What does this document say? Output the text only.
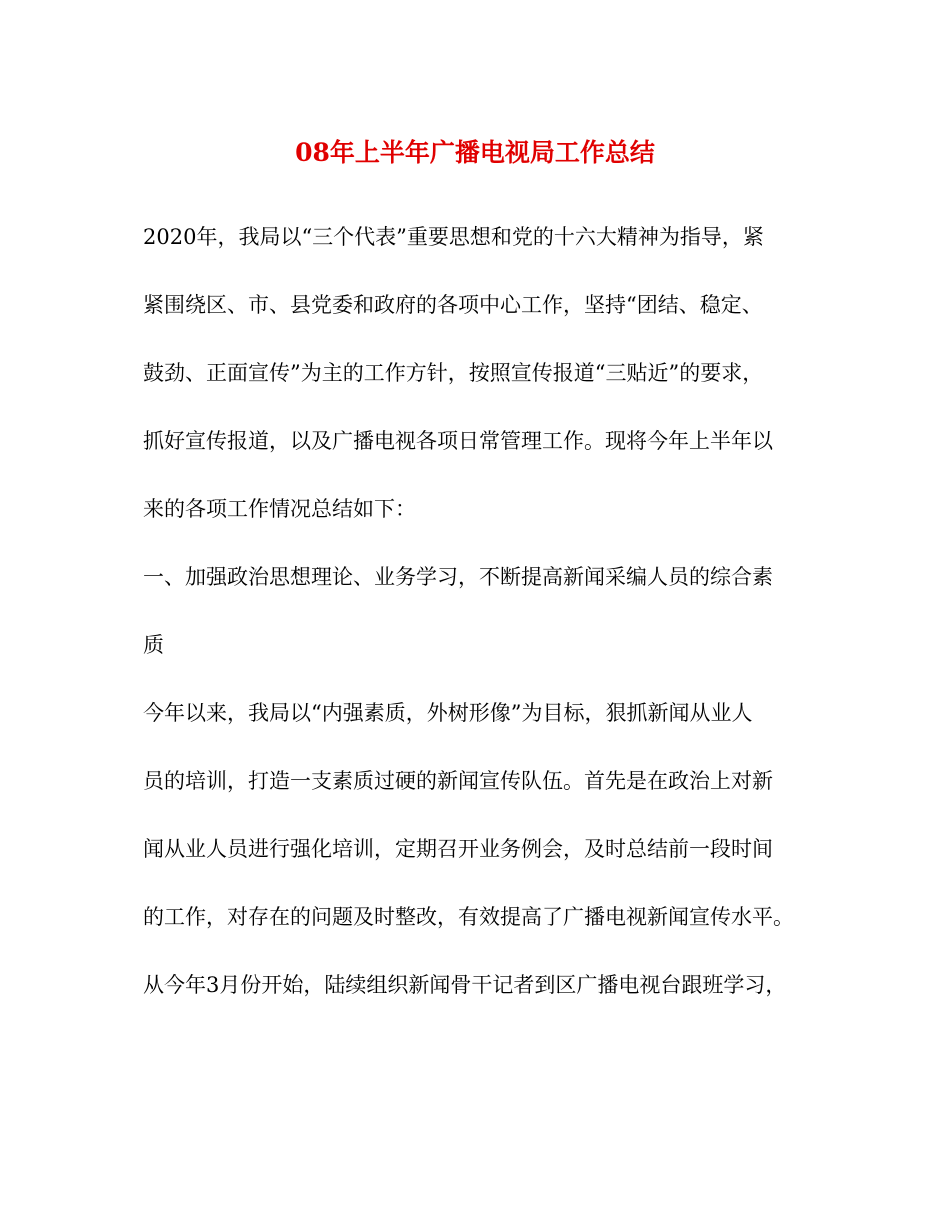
08年上半年广播电视局工作总结
2020年，我局以“三个代表”重要思想和党的十六大精神为指导，紧
紧围绕区、市、县党委和政府的各项中心工作，坚持“团结、稳定、
鼓劲、正面宣传”为主的工作方针，按照宣传报道“三贴近”的要求，
抓好宣传报道，以及广播电视各项日常管理工作。现将今年上半年以
来的各项工作情况总结如下：
一、加强政治思想理论、业务学习，不断提高新闻采编人员的综合素
质
今年以来，我局以“内强素质，外树形像”为目标，狠抓新闻从业人
员的培训，打造一支素质过硬的新闻宣传队伍。首先是在政治上对新
闻从业人员进行强化培训，定期召开业务例会，及时总结前一段时间
的工作，对存在的问题及时整改，有效提高了广播电视新闻宣传水平。
从今年3月份开始，陆续组织新闻骨干记者到区广播电视台跟班学习，
